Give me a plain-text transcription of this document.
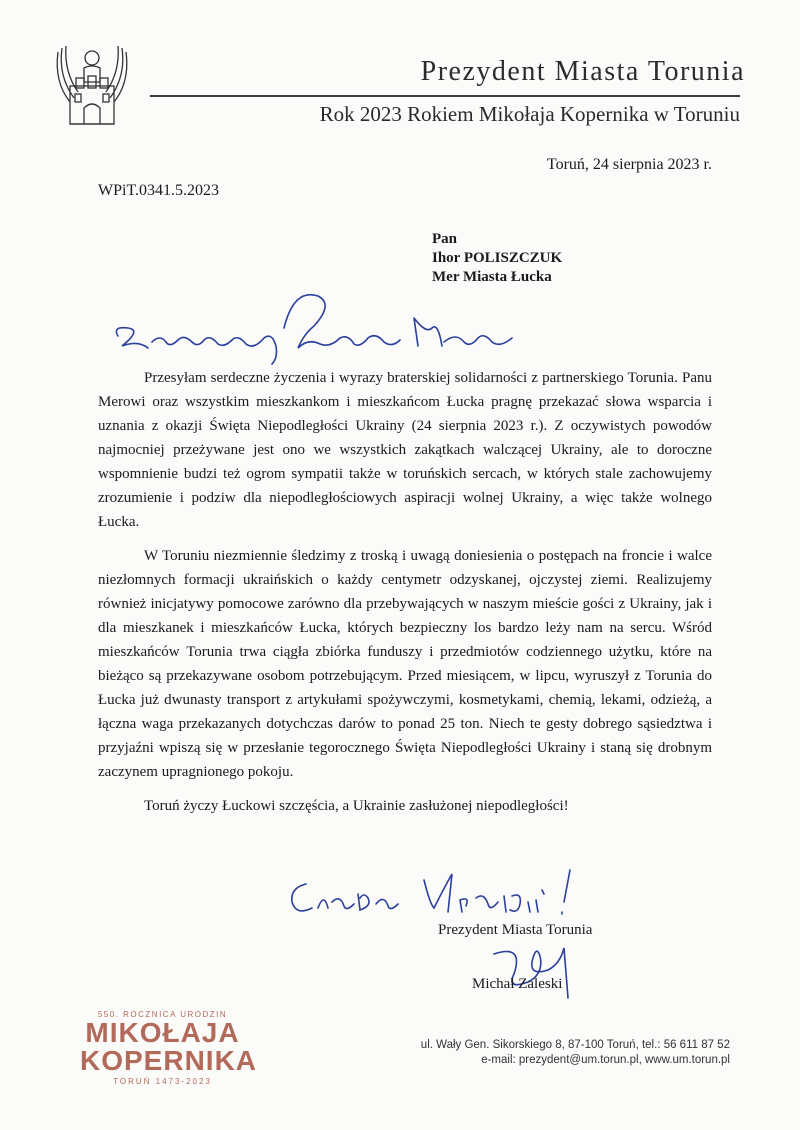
Prezydent Miasta Torunia
Rok 2023 Rokiem Mikołaja Kopernika w Toruniu
Toruń, 24 sierpnia 2023 r.
WPiT.0341.5.2023
Pan
Ihor POLISZCZUK
Mer Miasta Łucka

Przesyłam serdeczne życzenia i wyrazy braterskiej solidarności z partnerskiego Torunia. Panu Merowi oraz wszystkim mieszkankom i mieszkańcom Łucka pragnę przekazać słowa wsparcia i uznania z okazji Święta Niepodległości Ukrainy (24 sierpnia 2023 r.). Z oczywistych powodów najmocniej przeżywane jest ono we wszystkich zakątkach walczącej Ukrainy, ale to doroczne wspomnienie budzi też ogrom sympatii także w toruńskich sercach, w których stale zachowujemy zrozumienie i podziw dla niepodległościowych aspiracji wolnej Ukrainy, a więc także wolnego Łucka.

W Toruniu niezmiennie śledzimy z troską i uwagą doniesienia o postępach na froncie i walce niezłomnych formacji ukraińskich o każdy centymetr odzyskanej, ojczystej ziemi. Realizujemy również inicjatywy pomocowe zarówno dla przebywających w naszym mieście gości z Ukrainy, jak i dla mieszkanek i mieszkańców Łucka, których bezpieczny los bardzo leży nam na sercu. Wśród mieszkańców Torunia trwa ciągła zbiórka funduszy i przedmiotów codziennego użytku, które na bieżąco są przekazywane osobom potrzebującym. Przed miesiącem, w lipcu, wyruszył z Torunia do Łucka już dwunasty transport z artykułami spożywczymi, kosmetykami, chemią, lekami, odzieżą, a łączna waga przekazanych dotychczas darów to ponad 25 ton. Niech te gesty dobrego sąsiedztwa i przyjaźni wpiszą się w przesłanie tegorocznego Święta Niepodległości Ukrainy i staną się drobnym zaczynem upragnionego pokoju.

Toruń życzy Łuckowi szczęścia, a Ukrainie zasłużonej niepodległości!

Prezydent Miasta Torunia
Michał Zaleski
550. ROCZNICA URODZIN
MIKOŁAJA
KOPERNIKA
TORUŃ 1473-2023
ul. Wały Gen. Sikorskiego 8, 87-100 Toruń, tel.: 56 611 87 52
e-mail: prezydent@um.torun.pl, www.um.torun.pl
